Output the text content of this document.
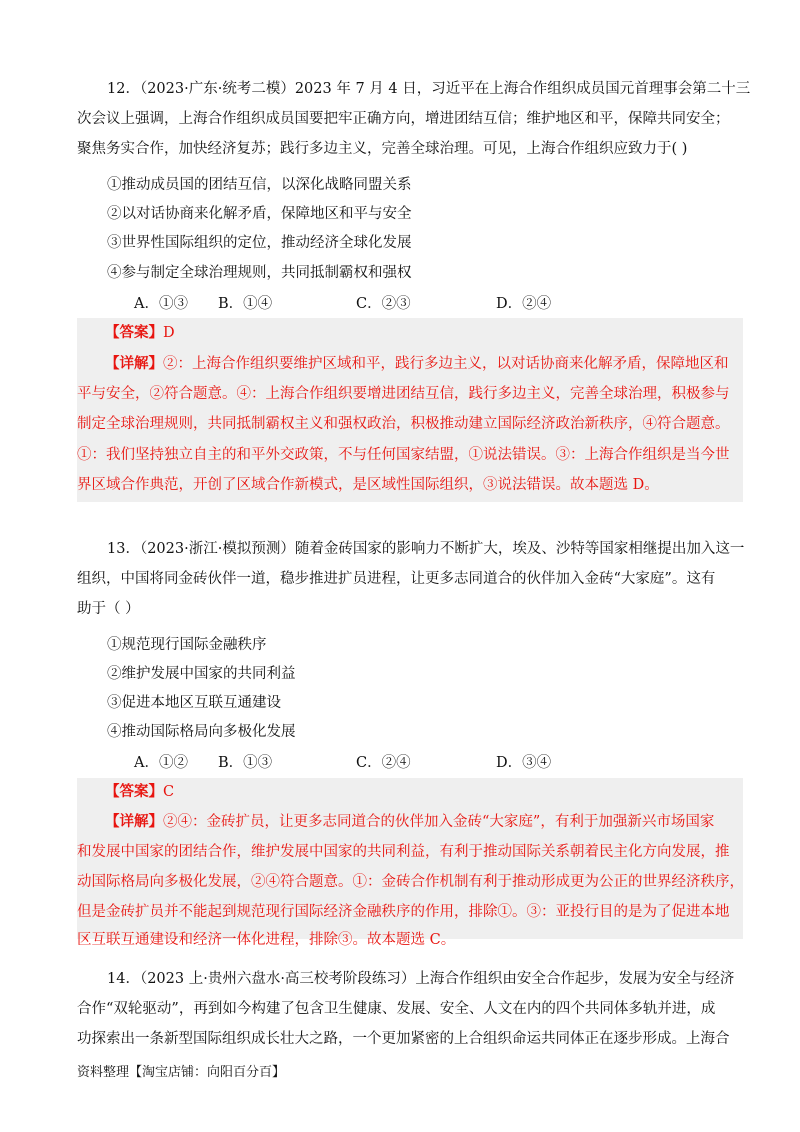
12．（2023·广东·统考二模）2023 年 7 月 4 日，习近平在上海合作组织成员国元首理事会第二十三
次会议上强调，上海合作组织成员国要把牢正确方向，增进团结互信；维护地区和平，保障共同安全；
聚焦务实合作，加快经济复苏；践行多边主义，完善全球治理。可见，上海合作组织应致力于( )
①推动成员国的团结互信，以深化战略同盟关系
②以对话协商来化解矛盾，保障地区和平与安全
③世界性国际组织的定位，推动经济全球化发展
④参与制定全球治理规则，共同抵制霸权和强权
A．①③ B．①④	C．②③	D．②④
【答案】D
【详解】②：上海合作组织要维护区域和平，践行多边主义，以对话协商来化解矛盾，保障地区和
平与安全，②符合题意。④：上海合作组织要增进团结互信，践行多边主义，完善全球治理，积极参与
制定全球治理规则，共同抵制霸权主义和强权政治，积极推动建立国际经济政治新秩序，④符合题意。
①：我们坚持独立自主的和平外交政策，不与任何国家结盟，①说法错误。③：上海合作组织是当今世
界区域合作典范，开创了区域合作新模式，是区域性国际组织，③说法错误。故本题选 D。
13．（2023·浙江·模拟预测）随着金砖国家的影响力不断扩大，埃及、沙特等国家相继提出加入这一
组织，中国将同金砖伙伴一道，稳步推进扩员进程，让更多志同道合的伙伴加入金砖“大家庭”。这有
助于（ ）
①规范现行国际金融秩序
②维护发展中国家的共同利益
③促进本地区互联互通建设
④推动国际格局向多极化发展
A．①② B．①③	C．②④	D．③④
【答案】C
【详解】②④：金砖扩员，让更多志同道合的伙伴加入金砖“大家庭”，有利于加强新兴市场国家
和发展中国家的团结合作，维护发展中国家的共同利益，有利于推动国际关系朝着民主化方向发展，推
动国际格局向多极化发展，②④符合题意。①：金砖合作机制有利于推动形成更为公正的世界经济秩序，
但是金砖扩员并不能起到规范现行国际经济金融秩序的作用，排除①。③：亚投行目的是为了促进本地
区互联互通建设和经济一体化进程，排除③。故本题选 C。
14．（2023 上·贵州六盘水·高三校考阶段练习）上海合作组织由安全合作起步，发展为安全与经济
合作“双轮驱动”，再到如今构建了包含卫生健康、发展、安全、人文在内的四个共同体多轨并进，成
功探索出一条新型国际组织成长壮大之路，一个更加紧密的上合组织命运共同体正在逐步形成。上海合
资料整理【淘宝店铺：向阳百分百】
